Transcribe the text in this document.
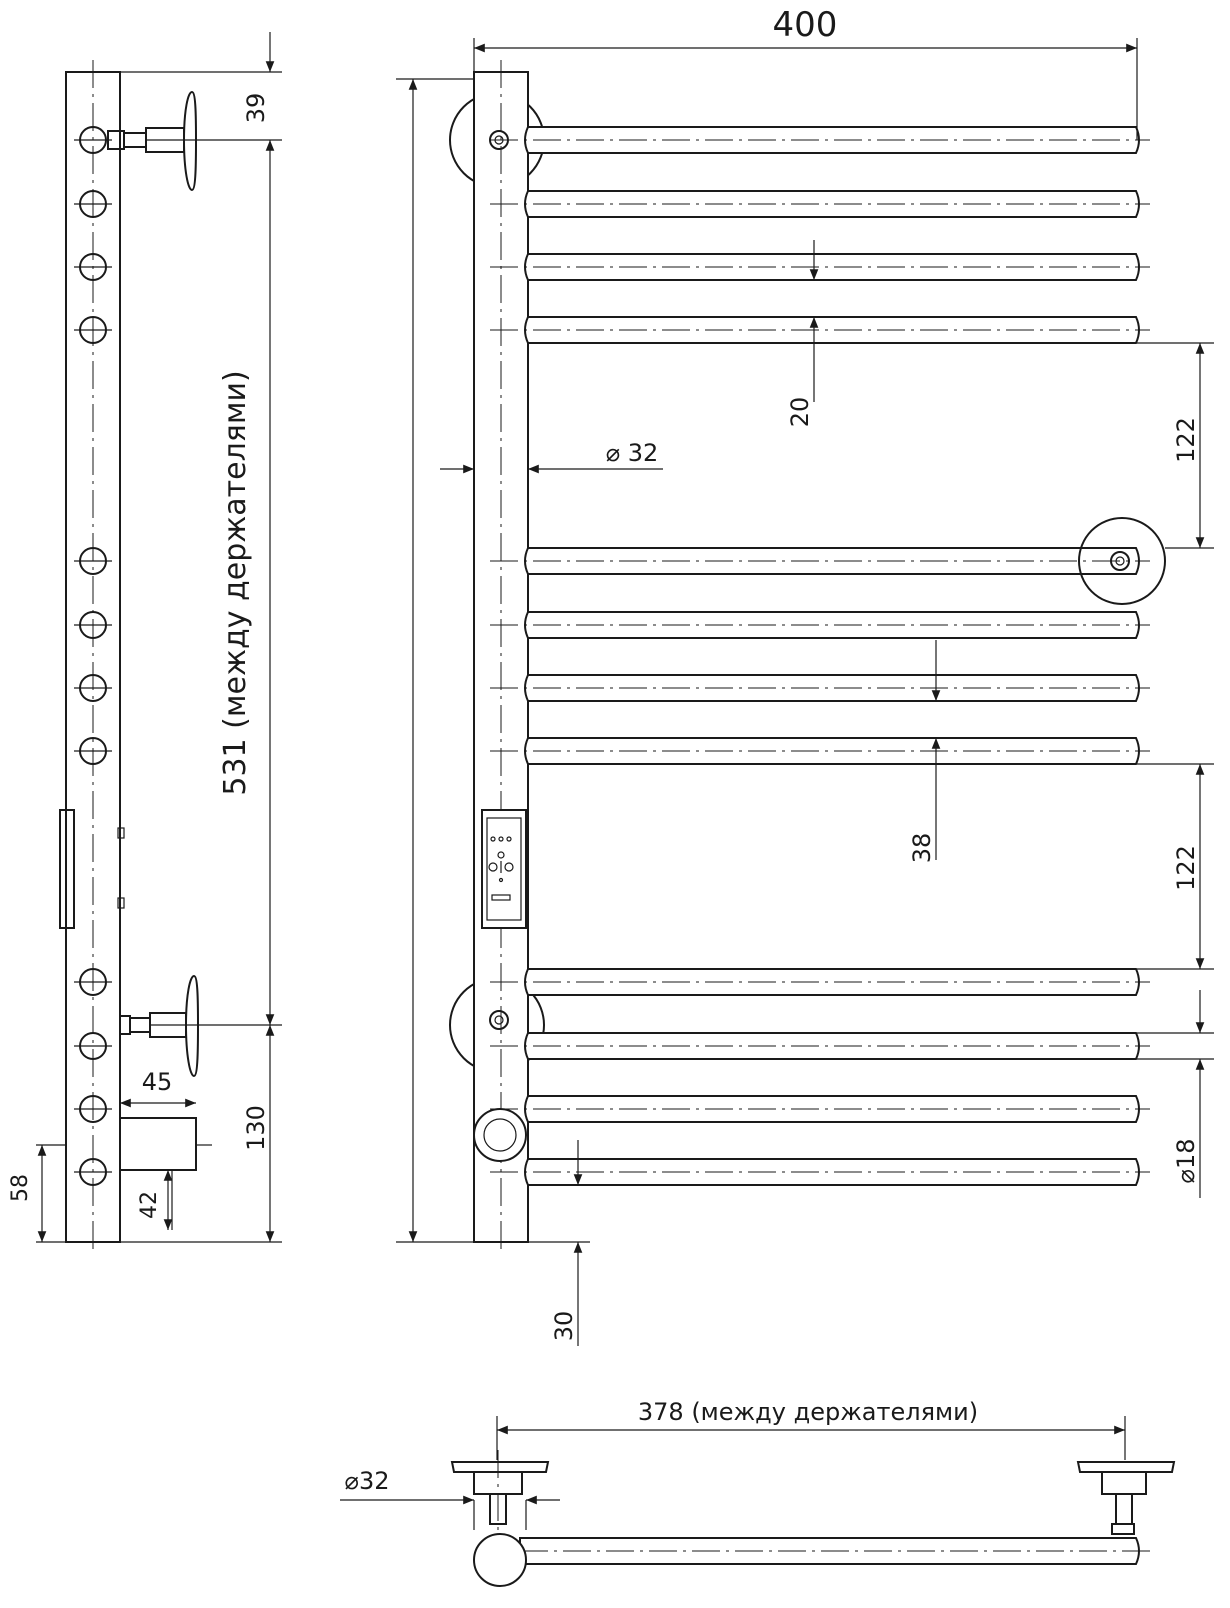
400
39
531 (между держателями)
130
58
45
42
20
⌀ 32	122
38	122
⌀18
30
378 (между держателями)
⌀32
